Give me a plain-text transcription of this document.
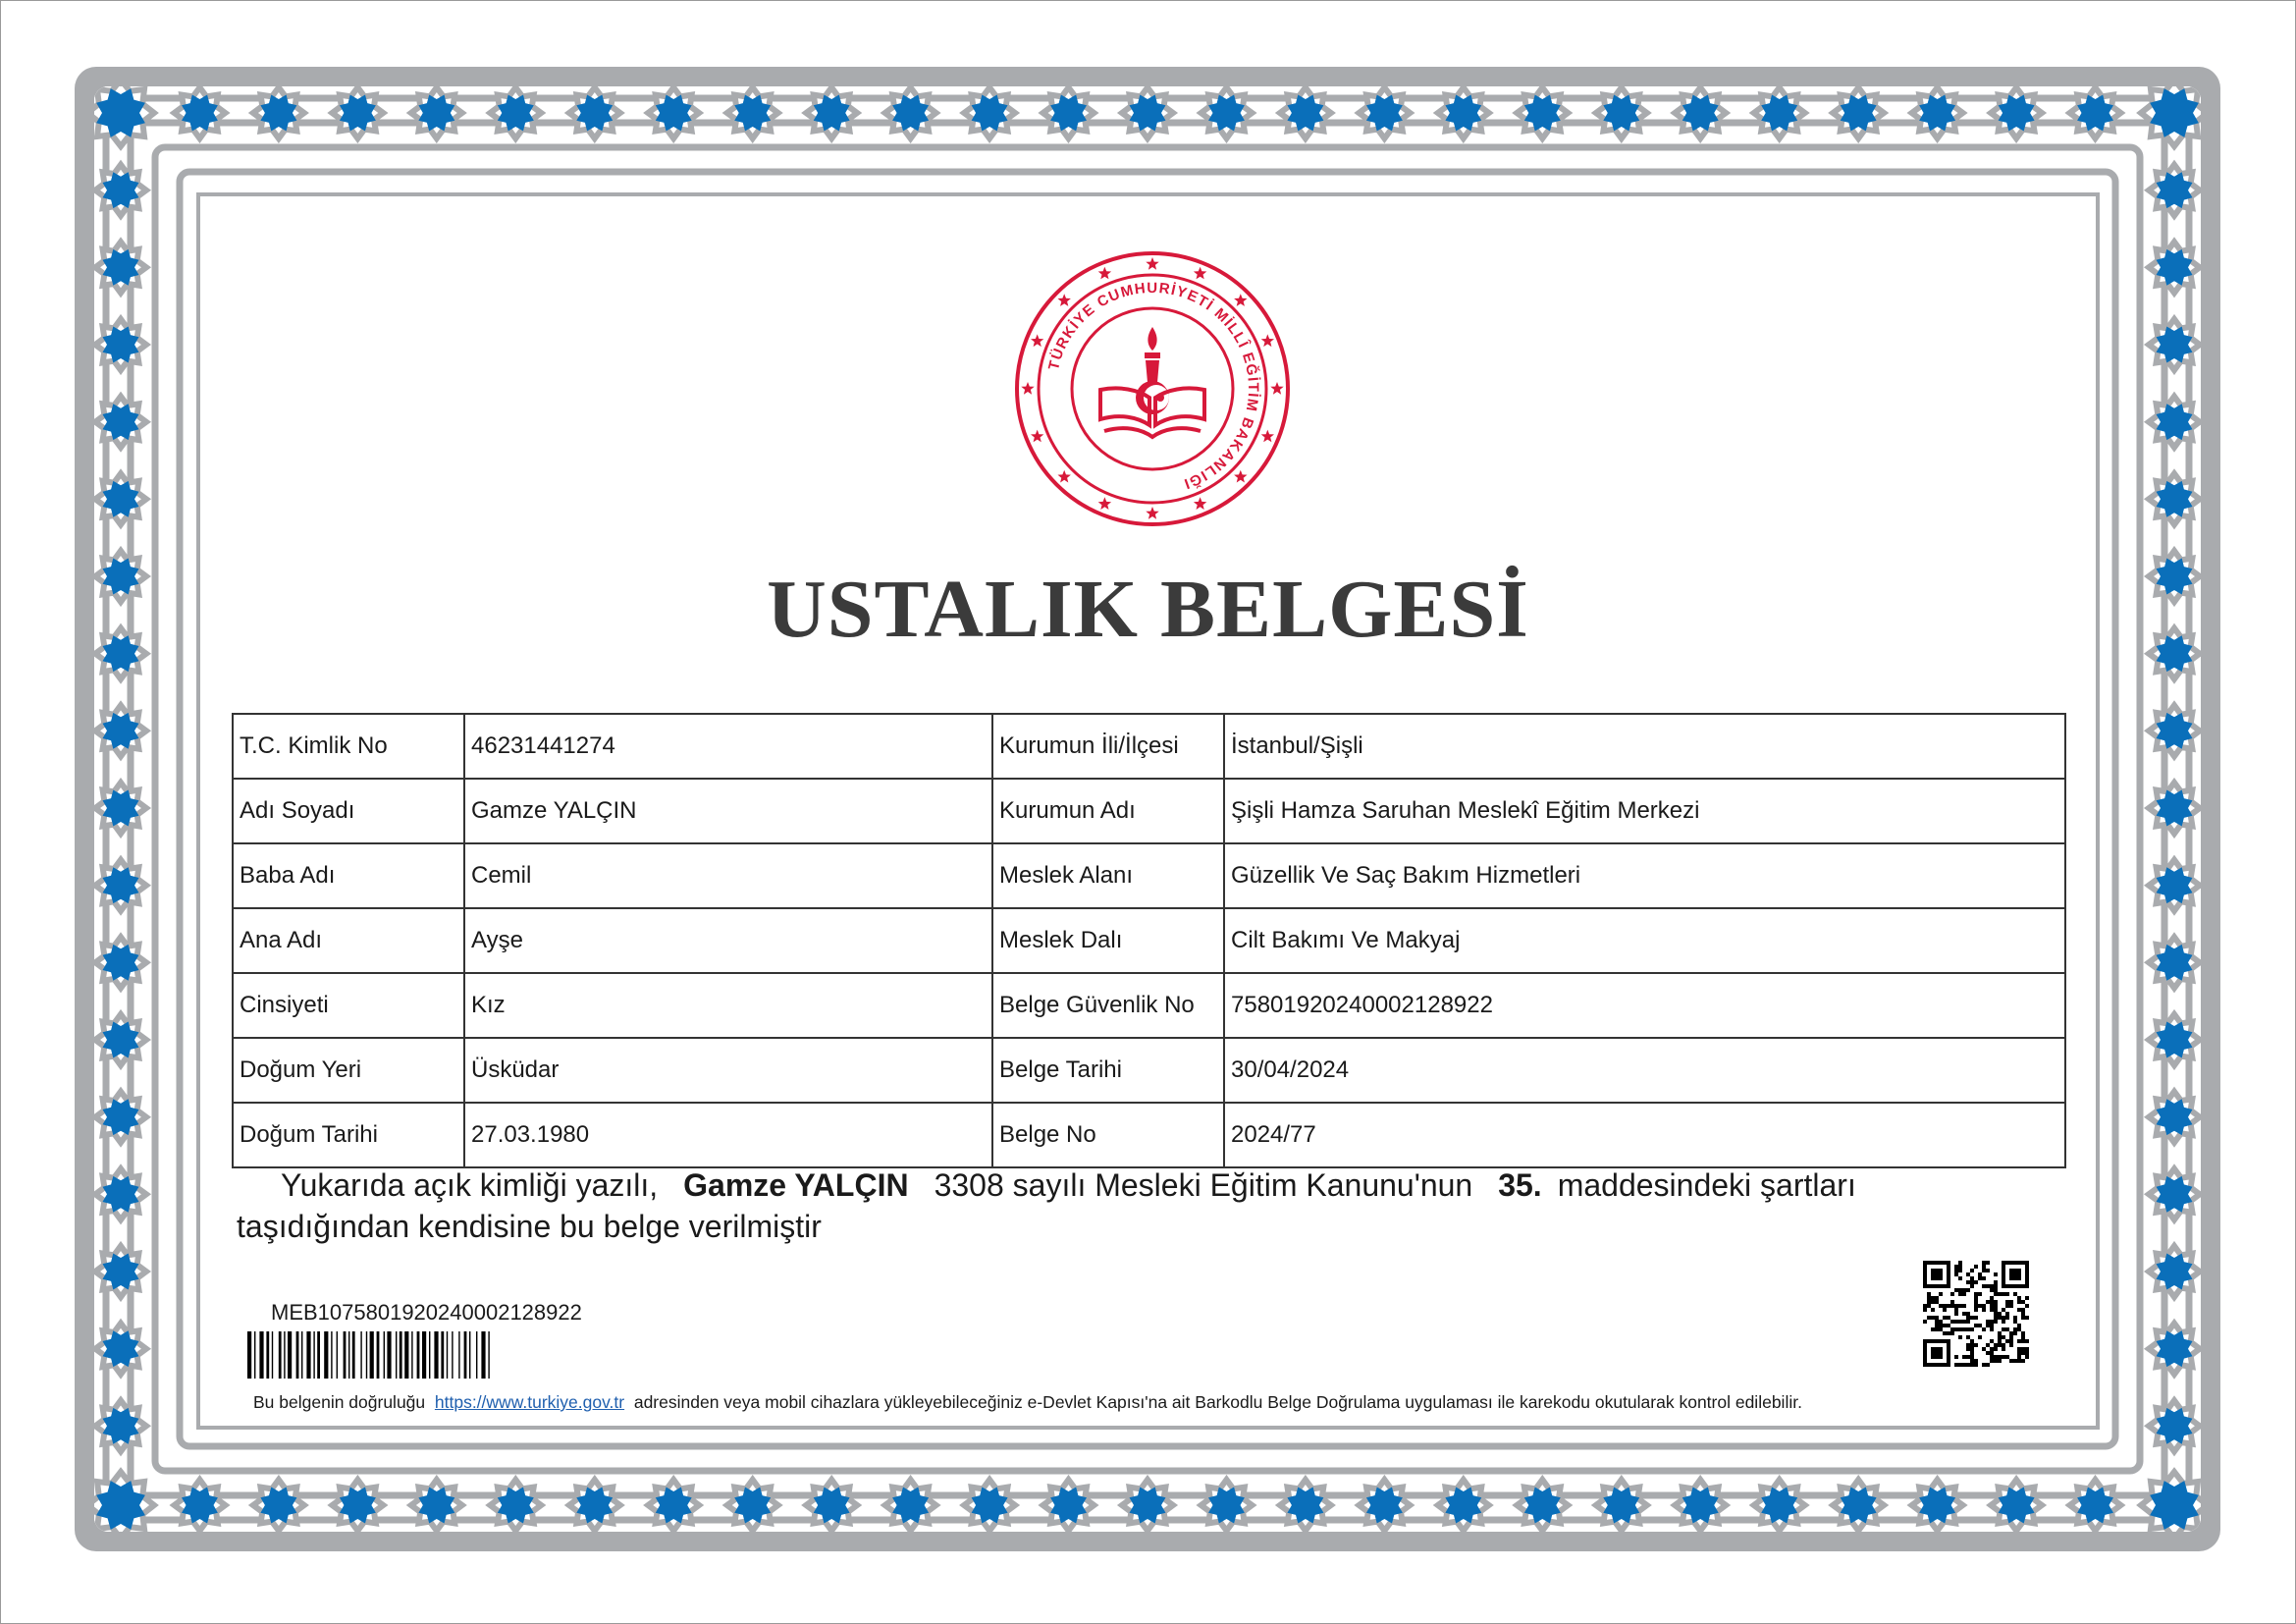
TÜRKİYE CUMHURİYETİ MİLLÎ EĞİTİM BAKANLIĞI
USTALIK BELGESİ
T.C. Kimlik No	46231441274	Kurumun İli/İlçesi	İstanbul/Şişli
Adı Soyadı	Gamze YALÇIN	Kurumun Adı	Şişli Hamza Saruhan Meslekî Eğitim Merkezi
Baba Adı	Cemil	Meslek Alanı	Güzellik Ve Saç Bakım Hizmetleri
Ana Adı	Ayşe	Meslek Dalı	Cilt Bakımı Ve Makyaj
Cinsiyeti	Kız	Belge Güvenlik No	75801920240002128922
Doğum Yeri	Üsküdar	Belge Tarihi	30/04/2024
Doğum Tarihi	27.03.1980	Belge No	2024/77
Yukarıda açık kimliği yazılı, Gamze YALÇIN 3308 sayılı Mesleki Eğitim Kanunu'nun 35. maddesindeki şartları
taşıdığından kendisine bu belge verilmiştir
MEB1075801920240002128922
Bu belgenin doğruluğu https://www.turkiye.gov.tr adresinden veya mobil cihazlara yükleyebileceğiniz e-Devlet Kapısı'na ait Barkodlu Belge Doğrulama uygulaması ile karekodu okutularak kontrol edilebilir.
